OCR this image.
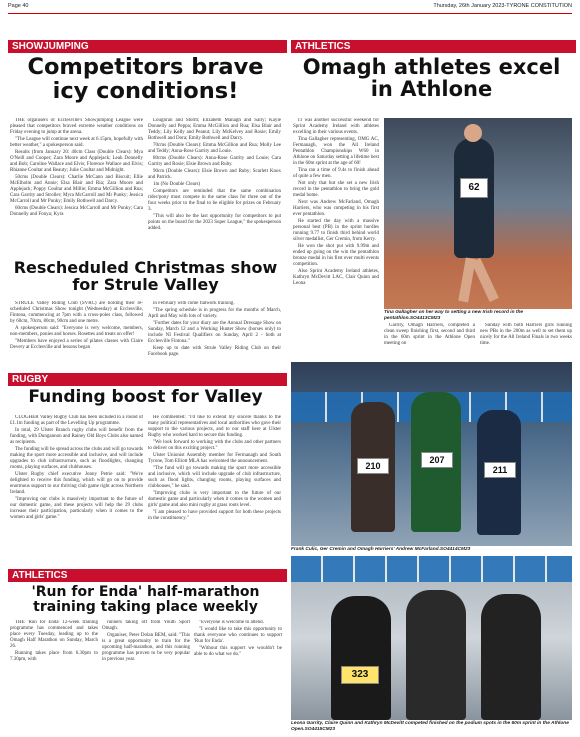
Page 40	Thursday, 26th January 2023-TYRONE CONSTITUTION
SHOWJUMPING
Competitors brave icy conditions!

THE organisers of Ecclesville's Showjumping League were pleased that competitors braved extreme weather conditions on Friday evening to jump at the arena.

"The League will continue next week at 6.15pm, hopefully with better weather," a spokesperson said.

Results (from January 20: 40cm Class (Double Clears): Mya O'Neill and Cooper; Zara Moore and Applejack; Leah Donnelly and Bob; Caroline Wallace and Elvis; Florence Wallace and Elvis; Rhianne Coultar and Beauty; Julie Coultar and Midnight.

50cms (Double Clears): Charlie McCann and Biscuit; Ellie McElholm and Annie; Elsa Blair and Ria; Zara Moore and Applejack; Poppy Coultar and Millie; Emma McGillion and Rua; Cara Garrity and Stroller; Myra McCarroll and Mr Punky; Jessica McCarroll and Mr Punky; Emily Bothwell and Darcy.

60cms (Double Clears): Jessica McCarroll and Mr Punky; Cara Donnelly and Fonya; Kyra

Loughran and Storm; Elizabeth Managh and Sally; Kayle Donnelly and Peppa; Emma McGillion and Rua; Elsa Blair and Teddy; Lily Kelly and Peanut; Lily McKelvey and Rosie; Emily Bothwell and Dora; Emily Bothwell and Darcy.

70cms (Double Clears): Emma McGillion and Rua; Molly Lee and Teddy; Anna-Rose Garrity and Louie.

80cms (Double Clears): Anna-Rose Garrity and Louie; Cara Garrity and Rosie; Elsie Brown and Ruby.

90cm (Double Clears): Elsie Brown and Ruby; Scarlett Knox and Patrick.

1m (No Double Clears)

Competitors are reminded that the same combination rider/pony must compete in the same class for three out of the four weeks prior to the final to be eligible for prizes on February 3.

"This will also be the last opportunity for competitors to put points on the board for the 2023 Super League," the spokesperson added.

Rescheduled Christmas show for Strule Valley

STRULE Valley Riding Club (SVRC) are holding their re-scheduled Christmas Show tonight (Wednesday) at Ecclesville, Fintona, commencing at 7pm with a cross-poles class, followed by 60cm, 70cm, 80cm, 90cm and one metre.

A spokesperson said: "Everyone is very welcome, members, non-members, ponies and horses. Rosettes and treats on offer!

"Members have enjoyed a series of pilates classes with Claire Devery at Ecclesville and lessons began

in February with come flatwork training.

"The spring schedule is in progress for the months of March, April and May with lots of variety.

"Further dates for your diary are the Annual Dressage Show on Sunday, March 12 and a Working Hunter Show (horses only) to include NI Festival Qualifiers on Sunday, April 2 - both at Ecclesville Fintona."

Keep up to date with Strule Valley Riding Club on their Facebook page.

RUGBY
Funding boost for Valley

CLOGHER Valley Rugby Club has been included in a round of £1.1m funding as part of the Levelling Up programme.

In total, 29 Ulster Branch rugby clubs will benefit from the funding, with Dungannon and Rainey Old Boys Clubs also named as recipients.

The funding will be spread across the clubs and will go towards making the sport more accessible and inclusive, and will include upgrades to club infrastructure, such as floodlights, changing rooms, playing surfaces, and clubhouses.

Ulster Rugby chief executive Jonny Petrie said: "We're delighted to receive this funding, which will go on to provide enormous support to our thriving club game right across Northern Ireland.

"Improving our clubs is massively important to the future of our domestic game, and these projects will help the 29 clubs increase their participation, particularly when it comes to the women and girls' game."

He commented: "I'd like to extend my sincere thanks to the many political representatives and local authorities who gave their support to the various projects, and to our staff here at Ulster Rugby who worked hard to secure this funding.

"We look forward to working with the clubs and other partners to deliver on this exciting project."

Ulster Unionist Assembly member for Fermanagh and South Tyrone, Tom Elliott MLA has welcomed the announcement.

"The fund will go towards making the sport more accessible and inclusive, which will include upgrade of club infrastructure, such as flood lights, changing rooms, playing surfaces and clubhouses," he said.

"Improving clubs is very important to the future of our domestic game and particularly when it comes to the women and girls' game and also mini rugby at grass roots level.

"I am pleased to have provided support for both these projects in the constituency."

ATHLETICS
'Run for Enda' half-marathon training taking place weekly

THE 'Run for Enda' 12-week training programme has commenced and takes place every Tuesday, leading up to the Omagh Half Marathon on Sunday, March 26.

Running takes place from 6.30pm to 7.30pm, with

runners taking off from Youth Sport Omagh.

Organiser, Peter Dolan BEM, said: "This is a great opportunity to train for the upcoming half-marathon, and this running programme has proven to be very popular in previous year.

"Everyone is welcome to attend.

"I would like to take this opportunity to thank everyone who continues to support 'Run for Enda'.

"Without this support we wouldn't be able to do what we do."

ATHLETICS
Omagh athletes excel in Athlone

IT was another successful weekend for Sprint Academy Ireland with athletes excelling in their various events.

Tina Gallagher representing, OMG AC, Fermanagh, won the All Ireland Pentathlon Championships W60 in Athlone on Saturday setting a lifetime best in the 60m sprint at the age of 60!

Tina ran a time of 9.4s to finish ahead of quite a few men.

Not only that but she set a new Irish record in the pentathlon to bring the gold medal home.

Next was Andrew McFarland, Omagh Harriers, who was competing in his first ever pentathlon.

He started the day with a massive personal best (PB) in the sprint hurdles running 9.77 to finish third behind world silver medallist, Ger Cremin, from Kerry.

He won the shot put with 9.99m and ended up going on the win the pentathlon bronze medal in his first ever multi events competition.

Also Sprint Academy Ireland athletes, Kathryn McDevitt LAC, Clair Quinn and Leona

62
Tina Gallagher on her way to setting a new Irish record in the pentathlon.SO4413CM23

Garrity, Omagh Harriers, completed a clean sweep finishing first, second and third in the 60m sprint in the Athlone Open meeting on

Sunday with both Harriers girls running new PBs in the 200m as well to set them up nicely for the All Ireland Finals in two weeks time.

210
207
211
Frank Culic, Ger Cremin and Omagh Harriers' Andrew McFarland.SO4414CM23
323
Leona Garrity, Claire Quinn and Kathryn McDevitt competed finished on the podium spots in the 60m sprint in the Athlone Open.SO4415CM23
